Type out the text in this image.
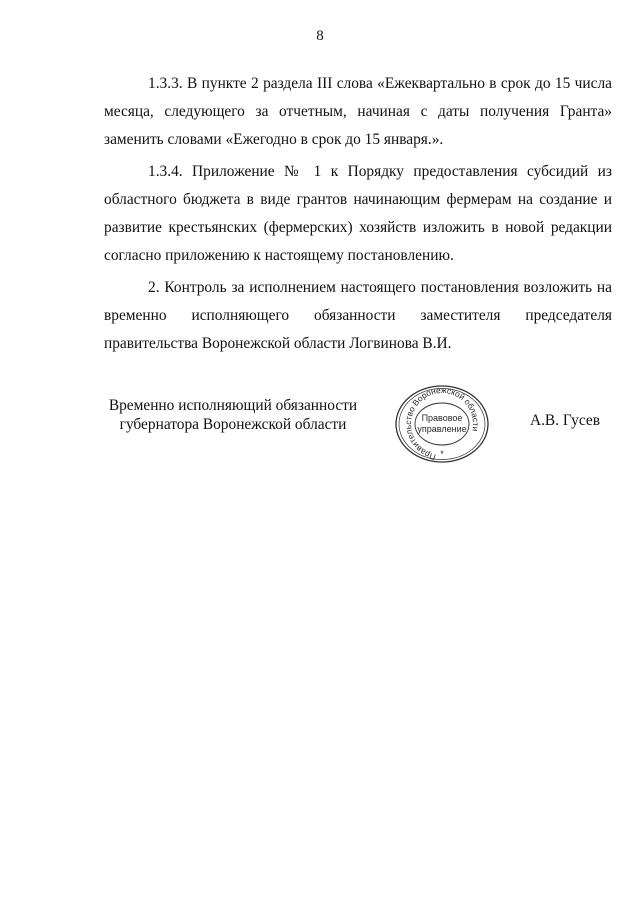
8

1.3.3. В пункте 2 раздела III слова «Ежеквартально в срок до 15 числа месяца, следующего за отчетным, начиная с даты получения Гранта» заменить словами «Ежегодно в срок до 15 января.».

1.3.4. Приложение № 1 к Порядку предоставления субсидий из областного бюджета в виде грантов начинающим фермерам на создание и развитие крестьянских (фермерских) хозяйств изложить в новой редакции согласно приложению к настоящему постановлению.

2. Контроль за исполнением настоящего постановления возложить на временно исполняющего обязанности заместителя председателя правительства Воронежской области Логвинова В.И.

Временно исполняющий обязанности
губернатора Воронежской области
Правительство Воронежской области
Правовое
управление
*
А.В. Гусев
